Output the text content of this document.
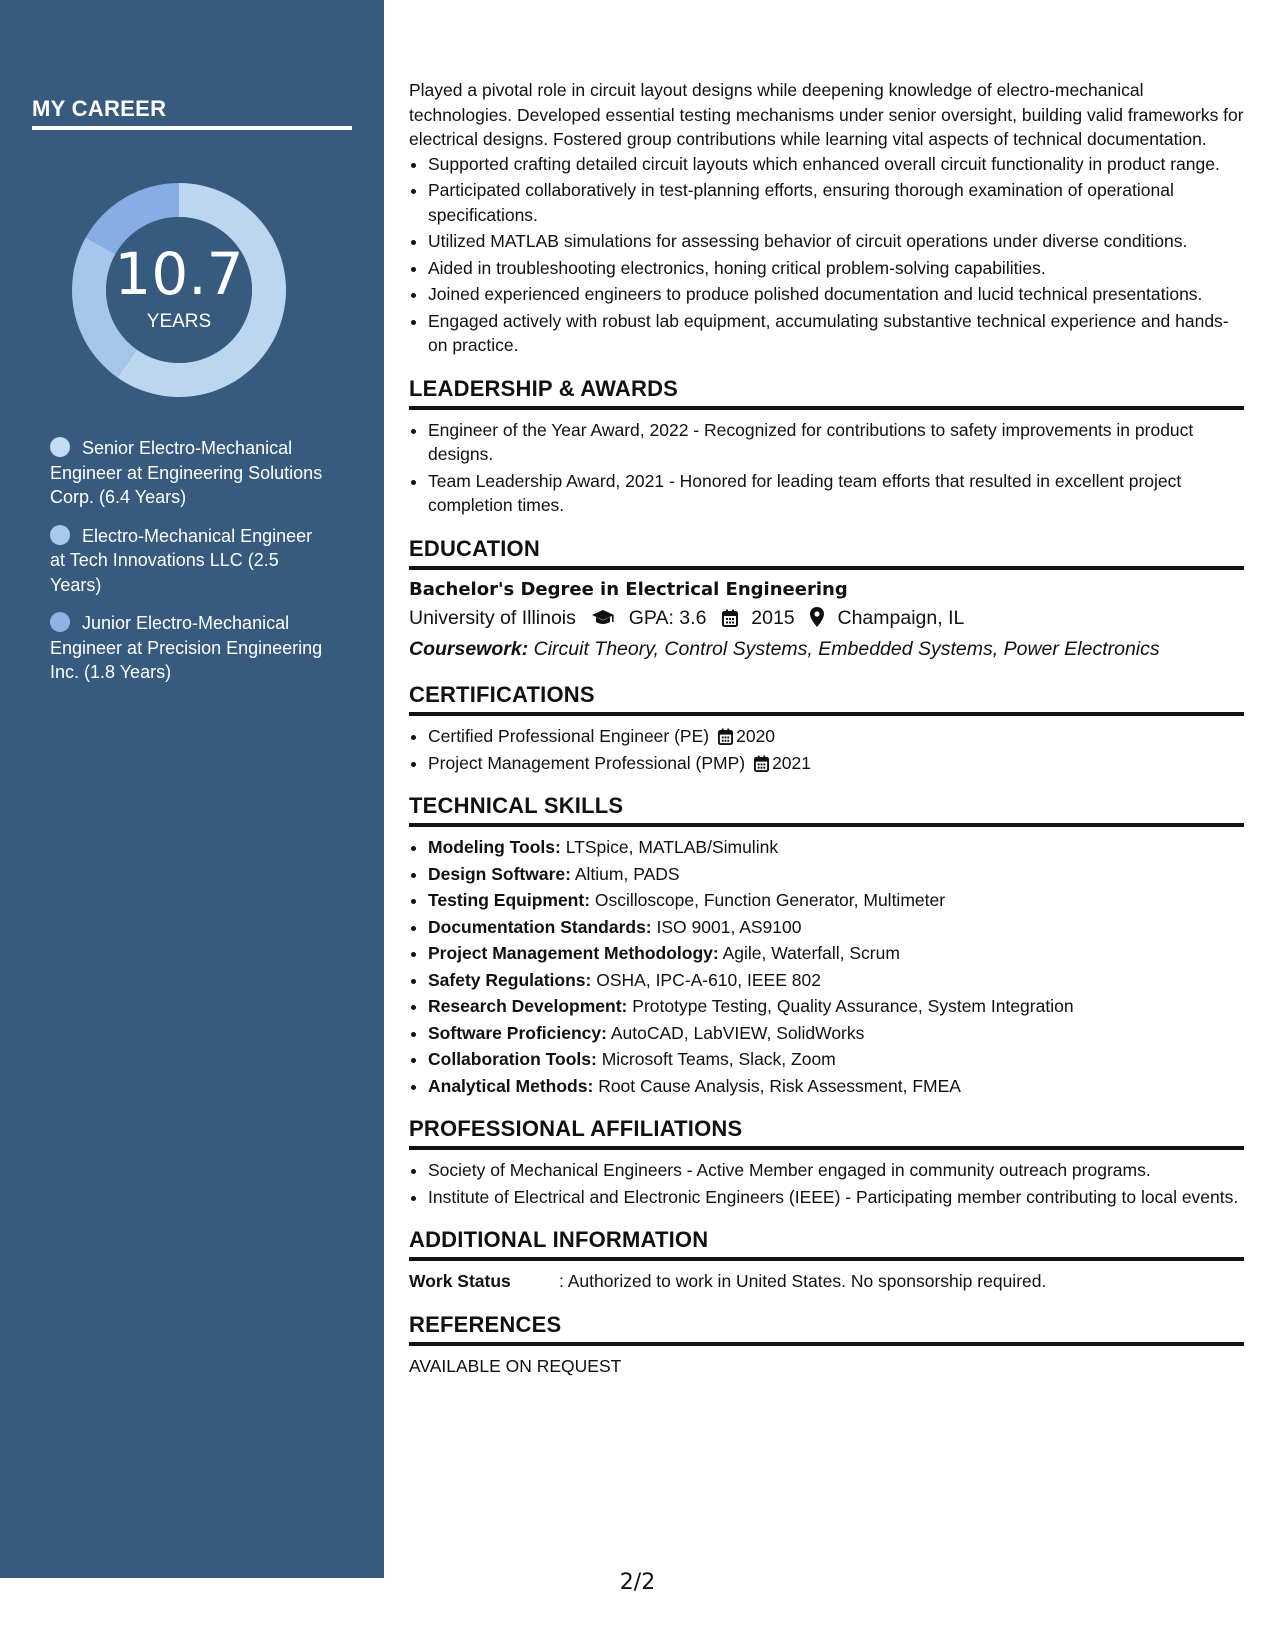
MY CAREER
10.7
YEARS
Senior Electro-Mechanical Engineer at Engineering Solutions Corp. (6.4 Years)
Electro-Mechanical Engineer at Tech Innovations LLC (2.5 Years)
Junior Electro-Mechanical Engineer at Precision Engineering Inc. (1.8 Years)

Played a pivotal role in circuit layout designs while deepening knowledge of electro-mechanical technologies. Developed essential testing mechanisms under senior oversight, building valid frameworks for electrical designs. Fostered group contributions while learning vital aspects of technical documentation.

• Supported crafting detailed circuit layouts which enhanced overall circuit functionality in product range.
• Participated collaboratively in test-planning efforts, ensuring thorough examination of operational specifications.
• Utilized MATLAB simulations for assessing behavior of circuit operations under diverse conditions.
• Aided in troubleshooting electronics, honing critical problem-solving capabilities.
• Joined experienced engineers to produce polished documentation and lucid technical presentations.
• Engaged actively with robust lab equipment, accumulating substantive technical experience and hands-on practice.
LEADERSHIP & AWARDS
• Engineer of the Year Award, 2022 - Recognized for contributions to safety improvements in product designs.
• Team Leadership Award, 2021 - Honored for leading team efforts that resulted in excellent project completion times.
EDUCATION
Bachelor's Degree in Electrical Engineering
University of Illinois	GPA: 3.6 2015 Champaign, IL
Coursework: Circuit Theory, Control Systems, Embedded Systems, Power Electronics
CERTIFICATIONS
• Certified Professional Engineer (PE) 2020
• Project Management Professional (PMP) 2021
TECHNICAL SKILLS
• Modeling Tools: LTSpice, MATLAB/Simulink
• Design Software: Altium, PADS
• Testing Equipment: Oscilloscope, Function Generator, Multimeter
• Documentation Standards: ISO 9001, AS9100
• Project Management Methodology: Agile, Waterfall, Scrum
• Safety Regulations: OSHA, IPC-A-610, IEEE 802
• Research Development: Prototype Testing, Quality Assurance, System Integration
• Software Proficiency: AutoCAD, LabVIEW, SolidWorks
• Collaboration Tools: Microsoft Teams, Slack, Zoom
• Analytical Methods: Root Cause Analysis, Risk Assessment, FMEA
PROFESSIONAL AFFILIATIONS
• Society of Mechanical Engineers - Active Member engaged in community outreach programs.
• Institute of Electrical and Electronic Engineers (IEEE) - Participating member contributing to local events.
ADDITIONAL INFORMATION
Work Status	: Authorized to work in United States. No sponsorship required.
REFERENCES
AVAILABLE ON REQUEST
2/2
